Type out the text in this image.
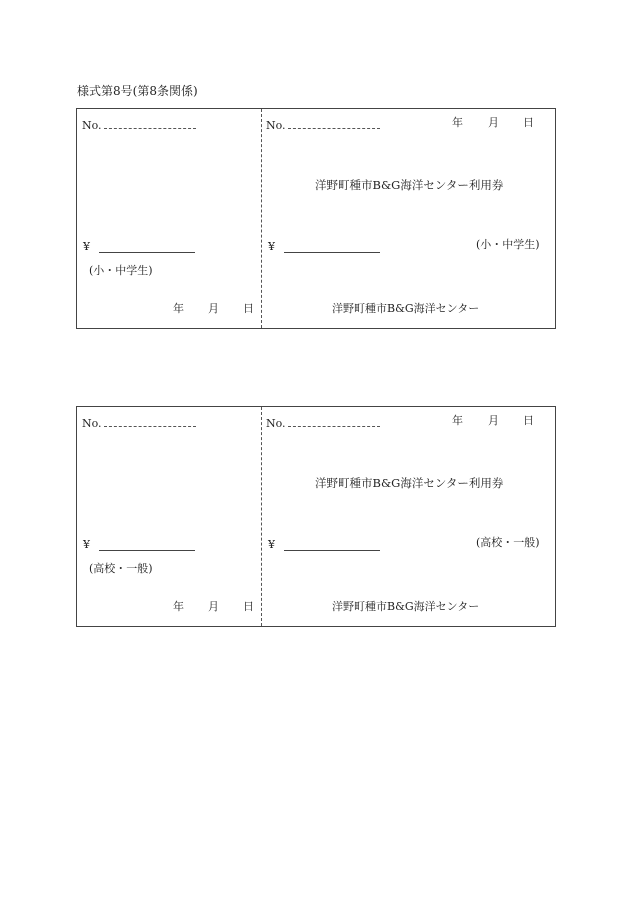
様式第8号(第8条関係)
No.
¥
(小・中学生)
年 月 日
No.	年 月 日
洋野町種市B&G海洋センター利用券
¥	(小・中学生)
洋野町種市B&G海洋センター
No.
¥
(高校・一般)
年 月 日
No.	年 月 日
洋野町種市B&G海洋センター利用券
¥	(高校・一般)
洋野町種市B&G海洋センター
